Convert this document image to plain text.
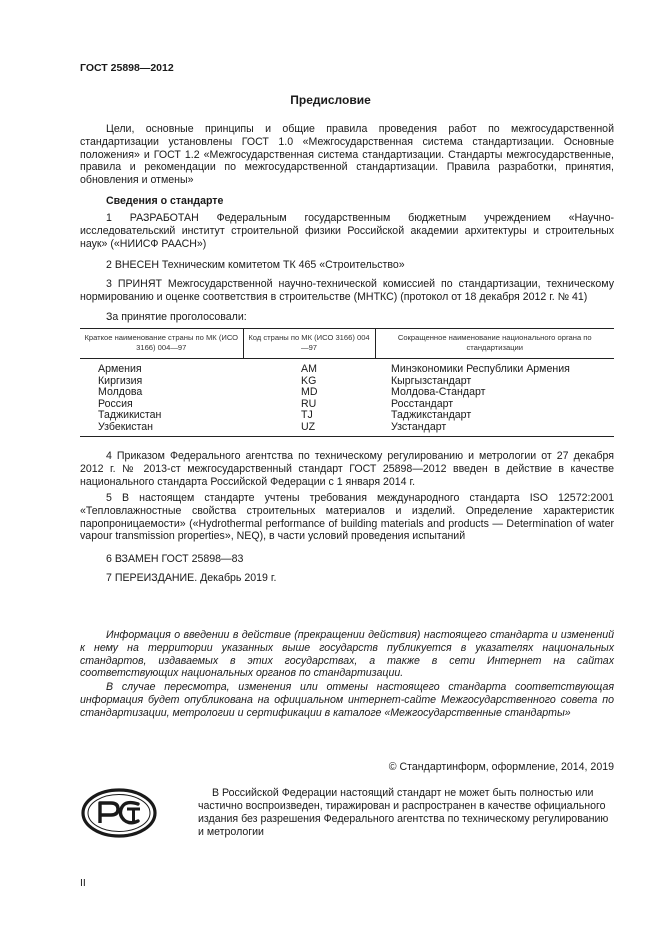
ГОСТ 25898—2012
Предисловие

Цели, основные принципы и общие правила проведения работ по межгосударственной стандартизации установлены ГОСТ 1.0 «Межгосударственная система стандартизации. Основные положения» и ГОСТ 1.2 «Межгосударственная система стандартизации. Стандарты межгосударственные, правила и рекомендации по межгосударственной стандартизации. Правила разработки, принятия, обновления и отмены»

Сведения о стандарте

1 РАЗРАБОТАН Федеральным государственным бюджетным учреждением «Научно-исследовательский институт строительной физики Российской академии архитектуры и строительных наук» («НИИСФ РААСН»)

2 ВНЕСЕН Техническим комитетом ТК 465 «Строительство»

3 ПРИНЯТ Межгосударственной научно-технической комиссией по стандартизации, техническому нормированию и оценке соответствия в строительстве (МНТКС) (протокол от 18 декабря 2012 г. № 41)

За принятие проголосовали:

Краткое наименование страны по МК (ИСО 3166) 004—97	Код страны по МК (ИСО 3166) 004—97	Сокращенное наименование национального органа по стандартизации
Армения	AM	Минэкономики Республики Армения
Киргизия	KG	Кыргызстандарт
Молдова	MD	Молдова-Стандарт
Россия	RU	Росстандарт
Таджикистан	TJ	Таджикстандарт
Узбекистан	UZ	Узстандарт

4 Приказом Федерального агентства по техническому регулированию и метрологии от 27 декабря 2012 г. № 2013-ст межгосударственный стандарт ГОСТ 25898—2012 введен в действие в качестве национального стандарта Российской Федерации с 1 января 2014 г.

5 В настоящем стандарте учтены требования международного стандарта ISO 12572:2001 «Тепловлажностные свойства строительных материалов и изделий. Определение характеристик паропроницаемости» («Hydrothermal performance of building materials and products — Determination of water vapour transmission properties», NEQ), в части условий проведения испытаний

6 ВЗАМЕН ГОСТ 25898—83

7 ПЕРЕИЗДАНИЕ. Декабрь 2019 г.

Информация о введении в действие (прекращении действия) настоящего стандарта и изменений к нему на территории указанных выше государств публикуется в указателях национальных стандартов, издаваемых в этих государствах, а также в сети Интернет на сайтах соответствующих национальных органов по стандартизации.

В случае пересмотра, изменения или отмены настоящего стандарта соответствующая информация будет опубликована на официальном интернет-сайте Межгосударственного совета по стандартизации, метрологии и сертификации в каталоге «Межгосударственные стандарты»

© Стандартинформ, оформление, 2014, 2019

В Российской Федерации настоящий стандарт не может быть полностью или частично воспроизведен, тиражирован и распространен в качестве официального издания без разрешения Федерального агентства по техническому регулированию и метрологии

II
